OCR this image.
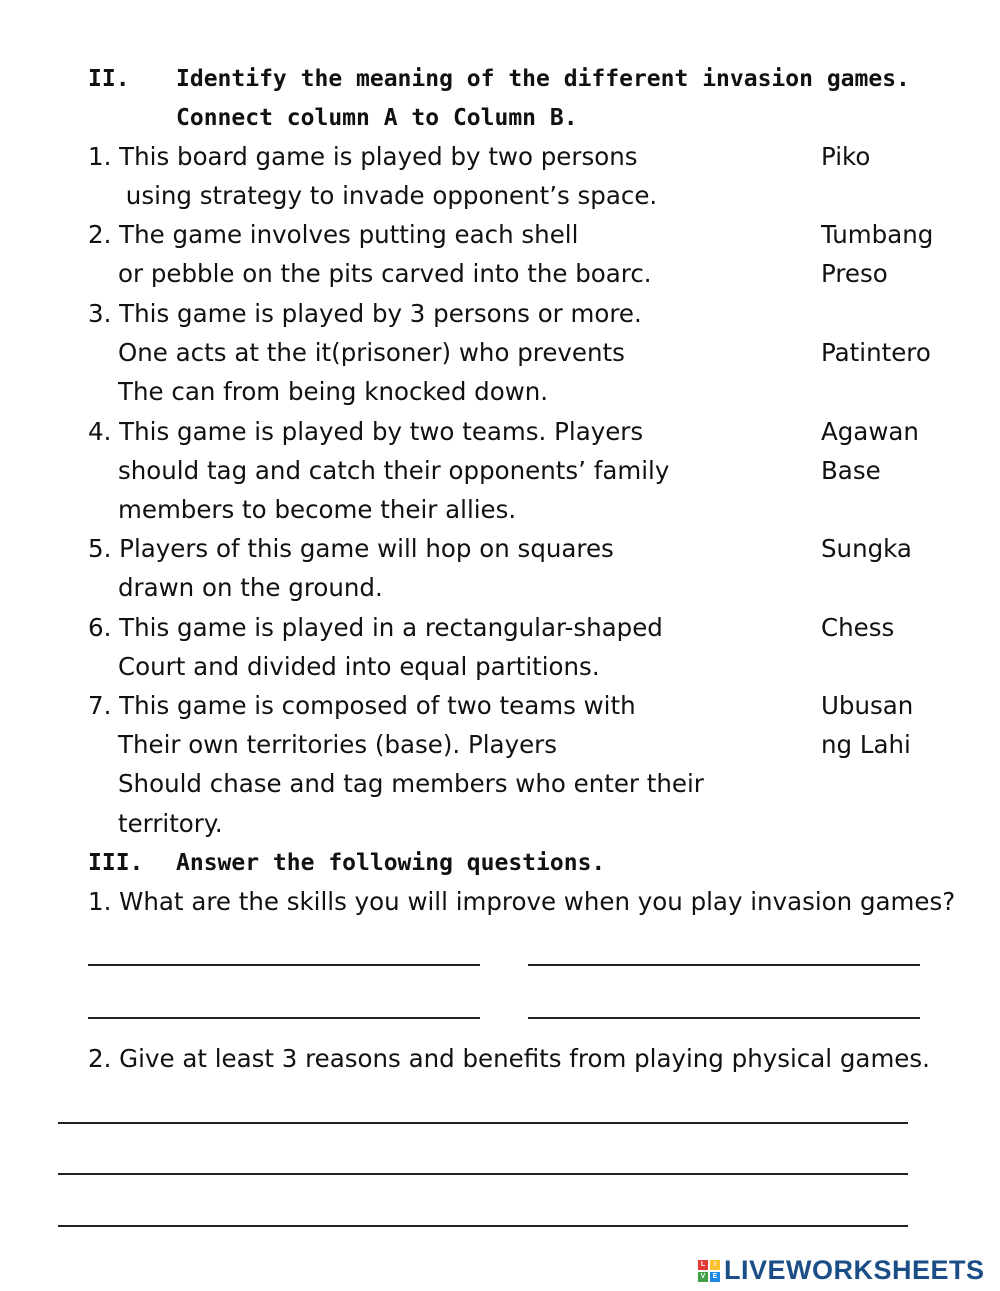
II. Identify the meaning of the different invasion games.
Connect column A to Column B.
1. This board game is played by two persons
using strategy to invade opponent’s space.
2. The game involves putting each shell
or pebble on the pits carved into the boarc.
3. This game is played by 3 persons or more.
One acts at the it(prisoner) who prevents
The can from being knocked down.
4. This game is played by two teams. Players
should tag and catch their opponents’ family
members to become their allies.
5. Players of this game will hop on squares
drawn on the ground.
6. This game is played in a rectangular-shaped
Court and divided into equal partitions.
7. This game is composed of two teams with
Their own territories (base). Players
Should chase and tag members who enter their
territory.
Piko
Tumbang
Preso
Patintero
Agawan
Base
Sungka
Chess
Ubusan
ng Lahi
III. Answer the following questions.
1. What are the skills you will improve when you play invasion games?
2. Give at least 3 reasons and benefits from playing physical games.
L	I
V	E LIVEWORKSHEETS
